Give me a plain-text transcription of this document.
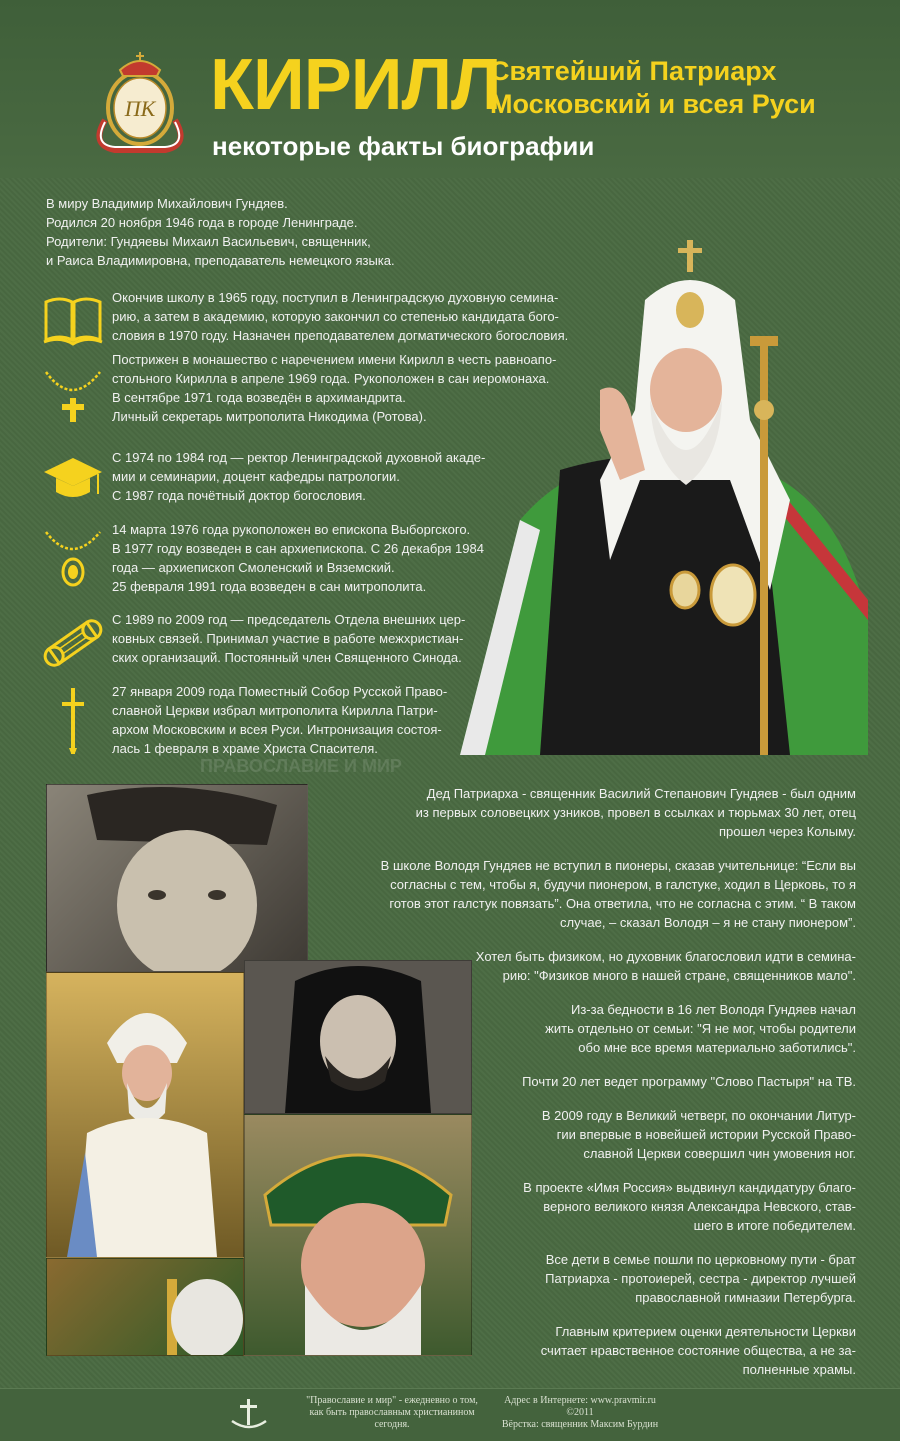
ПК КИРИЛЛ
Святейший Патриарх
Московский и всея Руси
некоторые факты биографии
В миру Владимир Михайлович Гундяев.
Родился 20 ноября 1946 года в городе Ленинграде.
Родители: Гундяевы Михаил Васильевич, священник,
и Раиса Владимировна, преподаватель немецкого языка.
Окончив школу в 1965 году, поступил в Ленинградскую духовную семина-
рию, а затем в академию, которую закончил со степенью кандидата бого-
словия в 1970 году. Назначен преподавателем догматического богословия.
Пострижен в монашество с наречением имени Кирилл в честь равноапо-
стольного Кирилла в апреле 1969 года. Рукоположен в сан иеромонаха.
В сентябре 1971 года возведён в архимандрита.
Личный секретарь митрополита Никодима (Ротова).
С 1974 по 1984 год — ректор Ленинградской духовной акаде-
мии и семинарии, доцент кафедры патрологии.
С 1987 года почётный доктор богословия.
14 марта 1976 года рукоположен во епископа Выборгского.
В 1977 году возведен в сан архиепископа. С 26 декабря 1984
года — архиепископ Смоленский и Вяземский.
25 февраля 1991 года возведен в сан митрополита.
С 1989 по 2009 год — председатель Отдела внешних цер-
ковных связей. Принимал участие в работе межхристиан-
ских организаций. Постоянный член Священного Синода.
27 января 2009 года Поместный Собор Русской Право-
славной Церкви избрал митрополита Кирилла Патри-
архом Московским и всея Руси. Интронизация состоя-
лась 1 февраля в храме Христа Спасителя.
ПРАВОСЛАВИЕ И МИР
Дед Патриарха - священник Василий Степанович Гундяев - был одним
из первых соловецких узников, провел в ссылках и тюрьмах 30 лет, отец
прошел через Колыму.
В школе Володя Гундяев не вступил в пионеры, сказав учительнице: “Если вы
согласны с тем, чтобы я, будучи пионером, в галстуке, ходил в Церковь, то я
готов этот галстук повязать”. Она ответила, что не согласна с этим. “ В таком
случае, – сказал Володя – я не стану пионером”.
Хотел быть физиком, но духовник благословил идти в семина-
рию: "Физиков много в нашей стране, священников мало".
Из-за бедности в 16 лет Володя Гундяев начал
жить отдельно от семьи: "Я не мог, чтобы родители
обо мне все время материально заботились".
Почти 20 лет ведет программу "Слово Пастыря" на ТВ.
В 2009 году в Великий четверг, по окончании Литур-
гии впервые в новейшей истории Русской Право-
славной Церкви совершил чин умовения ног.
В проекте «Имя Россия» выдвинул кандидатуру благо-
верного великого князя Александра Невского, став-
шего в итоге победителем.
Все дети в семье пошли по церковному пути - брат
Патриарха - протоиерей, сестра - директор лучшей
православной гимназии Петербурга.
Главным критерием оценки деятельности Церкви
считает нравственное состояние общества, а не за-
полненные храмы.
"Православие и мир" - ежедневно о том,
как быть православным христианином
сегодня.
Адрес в Интернете: www.pravmir.ru
©2011
Вёрстка: священник Максим Бурдин
